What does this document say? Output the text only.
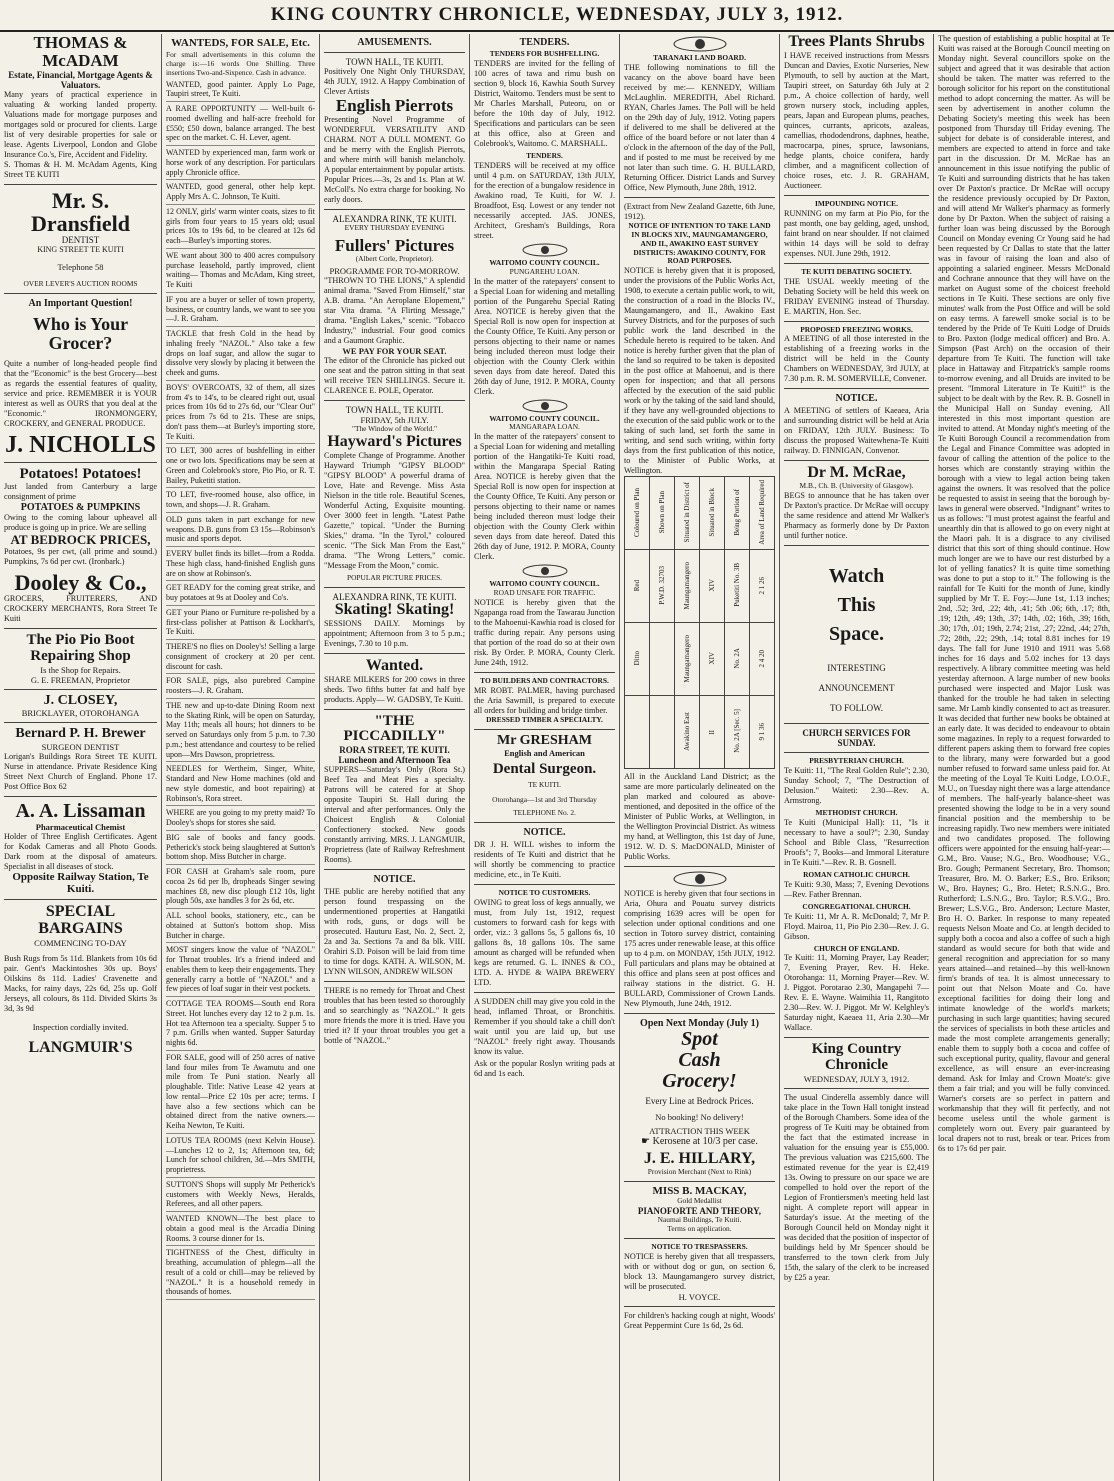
KING COUNTRY CHRONICLE, WEDNESDAY, JULY 3, 1912.
THOMAS & McADAM
Estate, Financial, Mortgage Agents & Valuators.
Many years of practical experience in valuating & working landed property. Valuations made for mortgage purposes and mortgages sold or procured for clients. Large list of very desirable properties for sale or lease. Agents Liverpool, London and Globe Insurance Co.'s, Fire, Accident and Fidelity.
S. Thomas & H. M. McAdam Agents, King Street TE KUITI
Mr. S. Dransfield
DENTIST
KING STREET TE KUITI
Telephone 58
OVER LEVER'S AUCTION ROOMS
An Important Question!
Who is Your Grocer?
Quite a number of long-headed people find that the "Economic" is the best Grocery—best as regards the essential features of quality, service and price. REMEMBER it is YOUR interest as well as OURS that you deal at the "Economic." IRONMONGERY, CROCKERY, and GENERAL PRODUCE.
J. NICHOLLS
Potatoes! Potatoes!
Just landed from Canterbury a large consignment of prime
POTATOES & PUMPKINS
Owing to the coming labour upheavel all produce is going up in price. We are selling
AT BEDROCK PRICES,
Potatoes, 9s per cwt, (all prime and sound.) Pumpkins, 7s 6d per cwt. (Ironbark.)
Dooley & Co.,
GROCERS, FRUITERERS, AND CROCKERY MERCHANTS, Rora Street Te Kuiti
The Pio Pio Boot Repairing Shop
Is the Shop for Repairs.
G. E. FREEMAN, Proprietor
J. CLOSEY,
BRICKLAYER, OTOROHANGA
Bernard P. H. Brewer
SURGEON DENTIST
Lorigan's Buildings Rora Street TE KUITI. Nurse in attendance. Private Residence King Street Next Church of England. Phone 17. Post Office Box 62
A. A. Lissaman
Pharmaceutical Chemist
Holder of Three English Certificates. Agent for Kodak Cameras and all Photo Goods. Dark room at the disposal of amateurs. Specialist in all diseases of stock.
Opposite Railway Station, Te Kuiti.
SPECIAL BARGAINS
COMMENCING TO-DAY
Bush Rugs from 5s 11d. Blankets from 10s 6d pair. Gent's Mackintoshes 30s up. Boys' Oilskins 8s 11d. Ladies' Cravenette and Macks, for rainy days, 22s 6d, 25s up. Golf Jerseys, all colours, 8s 11d. Divided Skirts 3s 3d, 3s 9d
Inspection cordially invited.
LANGMUIR'S
WANTEDS, FOR SALE, Etc.
For small advertisements in this column the charge is:—16 words One Shilling. Three insertions Two-and-Sixpence. Cash in advance.
WANTED, good painter. Apply Lo Page, Taupiri street, Te Kuiti.
A RARE OPPORTUNITY — Well-built 6-roomed dwelling and half-acre freehold for £550; £50 down, balance arranged. The best spec on the market. C. H. Lever, agent.
WANTED by experienced man, farm work or horse work of any description. For particulars apply Chronicle office.
WANTED, good general, other help kept. Apply Mrs A. C. Johnson, Te Kuiti.
12 ONLY, girls' warm winter coats, sizes to fit girls from four years to 15 years old; usual prices 10s to 19s 6d, to be cleared at 12s 6d each—Burley's importing stores.
WE want about 300 to 400 acres compulsory purchase leasehold, partly improved, client waiting— Thomas and McAdam, King street, Te Kuiti
IF you are a buyer or seller of town property, business, or country lands, we want to see you—J. R. Graham.
TACKLE that fresh Cold in the head by inhaling freely "NAZOL." Also take a few drops on loaf sugar, and allow the sugar to dissolve very slowly by placing it between the cheek and gums.
BOYS' OVERCOATS, 32 of them, all sizes from 4's to 14's, to be cleared right out, usual prices from 10s 6d to 27s 6d, our "Clear Out" prices from 7s 6d to 21s. These are snips, don't pass them—at Burley's importing store, Te Kuiti.
TO LET, 300 acres of bushfelling in either one or two lots. Specifications may be seen at Green and Colebrook's store, Pio Pio, or R. T. Bailey, Puketiti station.
TO LET, five-roomed house, also office, in town, and shops—J. R. Graham.
OLD guns taken in part exchange for new weapons. D.B. guns from £3 15s—Robinson's music and sports depot.
EVERY bullet finds its billet—from a Rodda. These high class, hand-finished English guns are on show at Robinson's.
GET READY for the coming great strike, and buy potatoes at 9s at Dooley and Co's.
GET your Piano or Furniture re-polished by a first-class polisher at Pattison & Lockhart's, Te Kuiti.
THERE'S no flies on Dooley's! Selling a large consignment of crockery at 20 per cent. discount for cash.
FOR SALE, pigs, also purebred Campine roosters—J. R. Graham.
THE new and up-to-date Dining Room next to the Skating Rink, will be open on Saturday, May 11th; meals all hours; hot dinners to be served on Saturdays only from 5 p.m. to 7.30 p.m.; best attendance and courtesy to be relied upon—Mrs Dawson, proprietress.
NEEDLES for Wertheim, Singer, White, Standard and New Home machines (old and new style domestic, and boot repairing) at Robinson's, Rora street.
WHERE are you going to my pretty maid? To Dooley's shops for stores she said.
BIG sale of books and fancy goods. Petherick's stock being slaughtered at Sutton's bottom shop. Miss Butcher in charge.
FOR CASH at Graham's sale room, pure cocoa 2s 6d per lb, dropheads Singer sewing machines £8, new disc plough £12 10s, light plough 50s, axe handles 3 for 2s 6d, etc.
ALL school books, stationery, etc., can be obtained at Sutton's bottom shop. Miss Butcher in charge.
MOST singers know the value of "NAZOL" for Throat troubles. It's a friend indeed and enables them to keep their engagements. They generally carry a bottle of "NAZOL" and a few pieces of loaf sugar in their vest pockets.
COTTAGE TEA ROOMS—South end Rora Street. Hot lunches every day 12 to 2 p.m. 1s. Hot tea Afternoon tea a specialty. Supper 5 to 7 p.m. Grills when wanted. Supper Saturday nights 6d.
FOR SALE, good will of 250 acres of native land four miles from Te Awamutu and one mile from Te Puni station. Nearly all ploughable. Title: Native Lease 42 years at low rental—Price £2 10s per acre; terms. I have also a few sections which can be obtained direct from the native owners.—Keiha Newton, Te Kuiti.
LOTUS TEA ROOMS (next Kelvin House).—Lunches 12 to 2, 1s; Afternoon tea, 6d; Lunch for school children, 3d.—Mrs SMITH, proprietress.
SUTTON'S Shops will supply Mr Petherick's customers with Weekly News, Heralds, Referees, and all other papers.
WANTED KNOWN—The best place to obtain a good meal is the Arcadia Dining Rooms. 3 course dinner for 1s.
TIGHTNESS of the Chest, difficulty in breathing, accumulation of phlegm—all the result of a cold or chill—may be relieved by "NAZOL." It is a household remedy in thousands of homes.
AMUSEMENTS.
TOWN HALL, TE KUITI.
Positively One Night Only THURSDAY, 4th JULY, 1912. A Happy Combination of Clever Artists
English Pierrots
Presenting Novel Programme of WONDERFUL VERSATILITY AND CHARM. NOT A DULL MOMENT. Go and be merry with the English Pierrots, and where mirth will banish melancholy. A popular entertainment by popular artists. Popular Prices.—3s, 2s and 1s. Plan at W. McColl's. No extra charge for booking. No early doors.
ALEXANDRA RINK, TE KUITI.
EVERY THURSDAY EVENING
Fullers' Pictures
(Albert Corle, Proprietor).
PROGRAMME FOR TO-MORROW.
"THROWN TO THE LIONS," A splendid animal drama. "Saved From Himself," star A.B. drama. "An Aeroplane Elopement," star Vita drama. "A Flirting Message," drama. "English Lakes," scenic. "Tobacco Industry," industrial. Four good comics and a Gaumont Graphic.
WE PAY FOR YOUR SEAT.
The editor of the Chronicle has picked out one seat and the patron sitting in that seat will receive TEN SHILLINGS. Secure it. CLARENCE E. POLE, Operator.
TOWN HALL, TE KUITI.
FRIDAY, 5th JULY.
"The Window of the World."
Hayward's Pictures
Complete Change of Programme. Another Hayward Triumph "GIPSY BLOOD" "GIPSY BLOOD" A powerful drama of Love, Hate and Revenge. Miss Asta Nielson in the title role. Beautiful Scenes, Wonderful Acting, Exquisite mounting. Over 3000 feet in length. "Latest Pathe Gazette," topical. "Under the Burning Skies," drama. "In the Tyrol," coloured scenic. "The Sick Man From the East," drama. "The Wrong Letters," comic. "Message From the Moon," comic.
POPULAR PICTURE PRICES.
ALEXANDRA RINK, TE KUITI.
Skating! Skating!
SESSIONS DAILY. Mornings by appointment; Afternoon from 3 to 5 p.m.; Evenings, 7.30 to 10 p.m.
Wanted.
SHARE MILKERS for 200 cows in three sheds. Two fifths butter fat and half bye products. Apply— W. GADSBY, Te Kuiti.
"THE PICCADILLY"
RORA STREET, TE KUITI. Luncheon and Afternoon Tea
SUPPERS—Saturday's Only (Rora St.) Beef Tea and Meat Pies a specialty. Patrons will be catered for at Shop opposite Taupiri St. Hall during the interval and after performances. Only the Choicest English & Colonial Confectionery stocked. New goods constantly arriving. MRS. J. LANGMUIR, Proprietress (late of Railway Refreshment Rooms).
NOTICE.
THE public are hereby notified that any person found trespassing on the undermentioned properties at Hangatiki with rods, guns, or dogs will be prosecuted. Hauturu East, No. 2, Sect. 2, 2a and 3a. Sections 7a and 8a blk. VIII. Orahiri S.D. Poison will be laid from time to time for dogs. KATH. A. WILSON, M. LYNN WILSON, ANDREW WILSON
THERE is no remedy for Throat and Chest troubles that has been tested so thoroughly and so searchingly as "NAZOL." It gets more friends the more it is tried. Have you tried it? If your throat troubles you get a bottle of "NAZOL."
TENDERS.
TENDERS FOR BUSHFELLING.
TENDERS are invited for the felling of 100 acres of tawa and rimu bush on section 9, block 16, Kawhia South Survey District, Waitomo. Tenders must be sent to Mr Charles Marshall, Puteoru, on or before the 10th day of July, 1912. Specifications and particulars can be seen at this office, also at Green and Colebrook's, Waitomo. C. MARSHALL.
TENDERS.
TENDERS will be received at my office until 4 p.m. on SATURDAY, 13th JULY, for the erection of a bungalow residence in Awakino road, Te Kuiti, for W. J. Broadfoot, Esq. Lowest or any tender not necessarily accepted. JAS. JONES, Architect, Gresham's Buildings, Rora street.
WAITOMO COUNTY COUNCIL.
PUNGAREHU LOAN.
In the matter of the ratepayers' consent to a Special Loan for widening and metalling portion of the Pungarehu Special Rating Area. NOTICE is hereby given that the Special Roll is now open for inspection at the County Office, Te Kuiti. Any person or persons objecting to their name or names being included thereon must lodge their objection with the County Clerk within seven days from date hereof. Dated this 26th day of June, 1912. P. MORA, County Clerk.
WAITOMO COUNTY COUNCIL.
MANGARAPA LOAN.
In the matter of the ratepayers' consent to a Special Loan for widening and metalling portion of the Hangatiki-Te Kuiti road, within the Mangarapa Special Rating Area. NOTICE is hereby given that the Special Roll is now open for inspection at the County Office, Te Kuiti. Any person or persons objecting to their name or names being included thereon must lodge their objection with the County Clerk within seven days from date hereof. Dated this 26th day of June, 1912. P. MORA, County Clerk.
WAITOMO COUNTY COUNCIL.
ROAD UNSAFE FOR TRAFFIC.
NOTICE is hereby given that the Ngapanga road from the Tawarau Junction to the Mahoenui-Kawhia road is closed for traffic during repair. Any persons using that portion of the road do so at their own risk. By Order. P. MORA, County Clerk. June 24th, 1912.
TO BUILDERS AND CONTRACTORS.
MR ROBT. PALMER, having purchased the Aria Sawmill, is prepared to execute all orders for building and bridge timber.
DRESSED TIMBER A SPECIALTY.
Mr GRESHAM
English and American
Dental Surgeon.
TE KUITI.
Otorohanga—1st and 3rd Thursday
TELEPHONE No. 2.
NOTICE.
DR J. H. WILL wishes to inform the residents of Te Kuiti and district that he will shortly be commencing to practice medicine, etc., in Te Kuiti.
NOTICE TO CUSTOMERS.
OWING to great loss of kegs annually, we must, from July 1st, 1912, request customers to forward cash for kegs with order, viz.: 3 gallons 5s, 5 gallons 6s, 10 gallons 8s, 18 gallons 10s. The same amount as charged will be refunded when kegs are returned. G. L. INNES & CO., LTD. A. HYDE & WAIPA BREWERY LTD.
A SUDDEN chill may give you cold in the head, inflamed Throat, or Bronchitis. Remember if you should take a chill don't wait until you are laid up, but use "NAZOL" freely right away. Thousands know its value.
Ask or the popular Roslyn writing pads at 6d and 1s each.
TARANAKI LAND BOARD.
THE following nominations to fill the vacancy on the above board have been received by me:— KENNEDY, William McLaughlin. MEREDITH, Abel Richard. RYAN, Charles James. The Poll will be held on the 29th day of July, 1912. Voting papers if delivered to me shall be delivered at the office of the board before or not later than 4 o'clock in the afternoon of the day of the Poll, and if posted to me must be received by me not later than such time. G. H. BULLARD, Returning Officer. District Lands and Survey Office, New Plymouth, June 28th, 1912.
(Extract from New Zealand Gazette, 6th June, 1912).
NOTICE OF INTENTION TO TAKE LAND IN BLOCKS XIV., MAUNGAMANGERO, AND II., AWAKINO EAST SURVEY DISTRICTS: AWAKINO COUNTY, FOR ROAD PURPOSES.
NOTICE is hereby given that it is proposed, under the provisions of the Public Works Act, 1908, to execute a certain public work, to wit, the construction of a road in the Blocks IV., Maungamangero, and II., Awakino East Survey Districts, and for the purposes of such public work the land described in the Schedule hereto is required to be taken. And notice is hereby further given that the plan of the land so required to be taken is deposited in the post office at Mahoenui, and is there open for inspection; and that all persons affected by the execution of the said public work or by the taking of the said land should, if they have any well-grounded objections to the execution of the said public work or to the taking of such land, set forth the same in writing, and send such writing, within forty days from the first publication of this notice, to the Minister of Public Works, at Wellington.
Coloured on Plan	Shown on Plan	Situated in District of	Situated in Block	Being Portion of	Area of Land Required
Red	P.W.D. 32703	Maungamangero	XIV	Puketiti No. 3B	2 1 26
Ditto		Maungamangero	XIV	No. 2A	2 4 20
		Awakino East	II	No. 2A [Sec. 5]	9 1 36
All in the Auckland Land District; as the same are more particularly delineated on the plan marked and coloured as above-mentioned, and deposited in the office of the Minister of Public Works, at Wellington, in the Wellington Provincial District. As witness my hand, at Wellington, this 1st day of June, 1912. W. D. S. MacDONALD, Minister of Public Works.
NOTICE is hereby given that four sections in Aria, Ohura and Pouatu survey districts comprising 1639 acres will be open for selection under optional conditions and one section in Totoro survey district, containing 175 acres under renewable lease, at this office up to 4 p.m. on MONDAY, 15th JULY, 1912. Full particulars and plans may be obtained at this office and plans seen at post offices and railway stations in the district. G. H. BULLARD, Commissioner of Crown Lands. New Plymouth, June 24th, 1912.
Open Next Monday (July 1)
Spot
Cash
Grocery!
Every Line at Bedrock Prices.
No booking! No delivery!
ATTRACTION THIS WEEK
☛ Kerosene at 10/3 per case.
J. E. HILLARY,
Provision Merchant (Next to Rink)
MISS B. MACKAY,
Gold Medallist
PIANOFORTE AND THEORY,
Naumai Buildings, Te Kuiti.
Terms on application.
NOTICE TO TRESPASSERS.
NOTICE is hereby given that all trespassers, with or without dog or gun, on section 6, block 13. Maungamangero survey district, will be prosecuted.
H. VOYCE.
For children's hacking cough at night, Woods' Great Peppermint Cure 1s 6d, 2s 6d.
Trees Plants Shrubs
I HAVE received instructions from Messrs Duncan and Davies, Exotic Nurseries, New Plymouth, to sell by auction at the Mart, Taupiri street, on Saturday 6th July at 2 p.m., A choice collection of hardy, well grown nursery stock, including apples, pears, Japan and European plums, peaches, quinces, currants, apricots, azaleas, camellias, rhododendrons, daphnes, heathe, macrocarpa, pines, spruce, lawsonians, hedge plants, choice conifera, hardy climber, and a magnificent collection of choice roses, etc. J. R. GRAHAM, Auctioneer.
IMPOUNDING NOTICE.
RUNNING on my farm at Pio Pio, for the past month, one bay gelding, aged, unshod, faint brand on near shoulder. If not claimed within 14 days will be sold to defray expenses. NUI. June 29th, 1912.
TE KUITI DEBATING SOCIETY.
THE USUAL weekly meeting of the Debating Society will be held this week on FRIDAY EVENING instead of Thursday. E. MARTIN, Hon. Sec.
PROPOSED FREEZING WORKS.
A MEETING of all those interested in the establishing of a freezing works in the district will be held in the County Chambers on WEDNESDAY, 3rd JULY, at 7.30 p.m. R. M. SOMERVILLE, Convener.
NOTICE.
A MEETING of settlers of Kaeaea, Aria and surrounding district will be held at Aria on FRIDAY, 12th JULY. Business: To discuss the proposed Waitewhena-Te Kuiti railway. D. FINNIGAN, Convenor.
Dr M. McRae,
M.B., Ch. B. (University of Glasgow).
BEGS to announce that he has taken over Dr Paxton's practice. Dr McRae will occupy the same residence and attend Mr Walker's Pharmacy as formerly done by Dr Paxton until further notice.
Watch
This
Space.
INTERESTING
ANNOUNCEMENT
TO FOLLOW.
CHURCH SERVICES FOR SUNDAY.
PRESBYTERIAN CHURCH.
Te Kuiti: 11, "The Real Golden Rule"; 2.30, Sunday School; 7, "The Destruction of Delusion." Waiteti: 2.30—Rev. A. Armstrong.
METHODIST CHURCH.
Te Kuiti (Municipal Hall): 11, "Is it necessary to have a soul?"; 2.30, Sunday School and Bible Class, "Resurrection Proofs"; 7, Books—and Immoral Literature in Te Kuiti."—Rev. R. B. Gosnell.
ROMAN CATHOLIC CHURCH.
Te Kuiti: 9.30, Mass; 7, Evening Devotions—Rev. Father Brennan.
CONGREGATIONAL CHURCH.
Te Kuiti: 11, Mr A. R. McDonald; 7, Mr P. Floyd. Mairoa, 11, Pio Pio 2.30—Rev. J. G. Gibson.
CHURCH OF ENGLAND.
Te Kuiti: 11, Morning Prayer, Lay Reader; 7, Evening Prayer, Rev. H. Heke. Otorohanga: 11, Morning Prayer—Rev. W. J. Piggot. Porotarao 2.30, Mangapehi 7—Rev. E. E. Wayne. Waimihia 11, Rangitoto 2.30—Rev. W. J. Piggot. Mr W. Kelghley's Saturday night, Kaeaea 11, Aria 2.30—Mr Wallace.
King Country Chronicle
WEDNESDAY, JULY 3, 1912.
The usual Cinderella assembly dance will take place in the Town Hall tonight instead of the Borough Chambers. Some idea of the progress of Te Kuiti may be obtained from the fact that the estimated increase in valuation for the ensuing year is £55,000. The previous valuation was £215,600. The estimated revenue for the year is £2,419 13s. Owing to pressure on our space we are compelled to hold over the report of the Legion of Frontiersmen's meeting held last night. A complete report will appear in Saturday's issue. At the meeting of the Borough Council held on Monday night it was decided that the position of inspector of buildings held by Mr Spencer should be transferred to the town clerk from July 15th, the salary of the clerk to be increased by £25 a year.
The question of establishing a public hospital at Te Kuiti was raised at the Borough Council meeting on Monday night. Several councillors spoke on the subject and agreed that it was desirable that action should be taken. The matter was referred to the borough solicitor for his report on the constitutional method to adopt concerning the matter. As will be seen by advertisement in another column the Debating Society's meeting this week has been postponed from Thursday till Friday evening. The subject for debate is of considerable interest, and members are expected to attend in force and take part in the discussion. Dr M. McRae has an announcement in this issue notifying the public of Te Kuiti and surrounding districts that he has taken over Dr Paxton's practice. Dr McRae will occupy the residence previously occupied by Dr Paxton, and will attend Mr Walker's pharmacy as formerly done by Dr Paxton. When the subject of raising a further loan was being discussed by the Borough Council on Monday evening Cr Young said he had been requested by Cr Dallas to state that the latter was in favour of raising the loan and also of appointing a salaried engineer. Messrs McDonald and Cochrane announce that they will have on the market on August some of the choicest freehold sections in Te Kuiti. These sections are only five minutes' walk from the Post Office and will be sold on easy terms. A farewell smoke social is to be tendered by the Pride of Te Kuiti Lodge of Druids to Bro. Paxton (lodge medical officer) and Bro. A. Simpson (Past Arch) on the occasion of their departure from Te Kuiti. The function will take place in Hattaway and Fitzpatrick's sample rooms to-morrow evening, and all Druids are invited to be present. "Immoral Literature in Te Kuiti!" is the subject to be dealt with by the Rev. R. B. Gosnell in the Municipal Hall on Sunday evening. All interested in this most important question are invited to attend. At Monday night's meeting of the Te Kuiti Borough Council a recommendation from the Legal and Finance Committee was adopted in favour of calling the attention of the police to the horses which are constantly straying within the borough with a view to legal action being taken against the owners. It was resolved that the police be requested to assist in seeing that the borough by-laws in general were observed. "Indignant" writes to us as follows: "I must protest against the fearful and unearthly din that is allowed to go on every night at the Maori pah. It is a disgrace to any civilised district that this sort of thing should continue. How much longer are we to have our rest disturbed by a lot of yelling fanatics? It is quite time something was done to put a stop to it." The following is the rainfall for Te Kuiti for the month of June, kindly supplied by Mr T. E. Foy:—June 1st, 1.13 inches; 2nd, .52; 3rd, .22; 4th, .41; 5th .06; 6th, .17; 8th, .19; 12th, .49; 13th, .37; 14th, .02; 16th, .39; 16th, .30; 17th, .01; 19th, 2.74; 21st, .27; 22nd, .44; 27th, .72; 28th, .22; 29th, .14; total 8.81 inches for 19 days. The fall for June 1910 and 1911 was 5.68 inches for 16 days and 5.02 inches for 13 days respectively. A library committee meeting was held yesterday afternoon. A large number of new books purchased were inspected and Major Lusk was thanked for the trouble he had taken in selecting same. Mr Lamb kindly consented to act as treasurer. It was decided that further new books be obtained at an early date. It was decided to endeavour to obtain some magazines. In reply to a request forwarded to different papers asking them to forward free copies to the library, many were forwarded but a good number refused to forward same unless paid for. At the meeting of the Loyal Te Kuiti Lodge, I.O.O.F., M.U., on Tuesday night there was a large attendance of members. The half-yearly balance-sheet was presented showing the lodge to be in a very sound financial position and the membership to be increasing rapidly. Two new members were initiated and two candidates proposed. The following officers were appointed for the ensuing half-year:—G.M., Bro. Vause; N.G., Bro. Woodhouse; V.G., Bro. Gough; Permanent Secretary, Bro. Thomson; Treasurer, Bro. M. O. Barker; E.S., Bro. Erikson; W., Bro. Haynes; G., Bro. Hetet; R.S.N.G., Bro. Rutherford; L.S.N.G., Bro. Taylor; R.S.V.G., Bro. Brewer; L.S.V.G., Bro. Anderson; Lecture Master, Bro H. O. Barker. In response to many repeated requests Nelson Moate and Co. at length decided to supply both a cocoa and also a coffee of such a high standard as would secure for both that wide and general recognition and appreciation for so many years attained—and retained—by this well-known firm's brands of tea. It is almost unnecessary to point out that Nelson Moate and Co. have exceptional facilities for doing their long and intimate knowledge of the world's markets; purchasing in such large quantities; having secured the services of specialists in both these articles and made the most complete arrangements generally; enable them to supply both a cocoa and coffee of such exceptional purity, quality, flavour and general excellence, as will ensure an ever-increasing demand. Ask for Imlay and Crown Moate's: give them a fair trial; and you will be fully convinced. Warner's corsets are so perfect in pattern and workmanship that they will fit perfectly, and not become useless until the whole garment is completely worn out. Every pair guaranteed by local drapers not to rust, break or tear. Prices from 6s to 17s 6d per pair.
